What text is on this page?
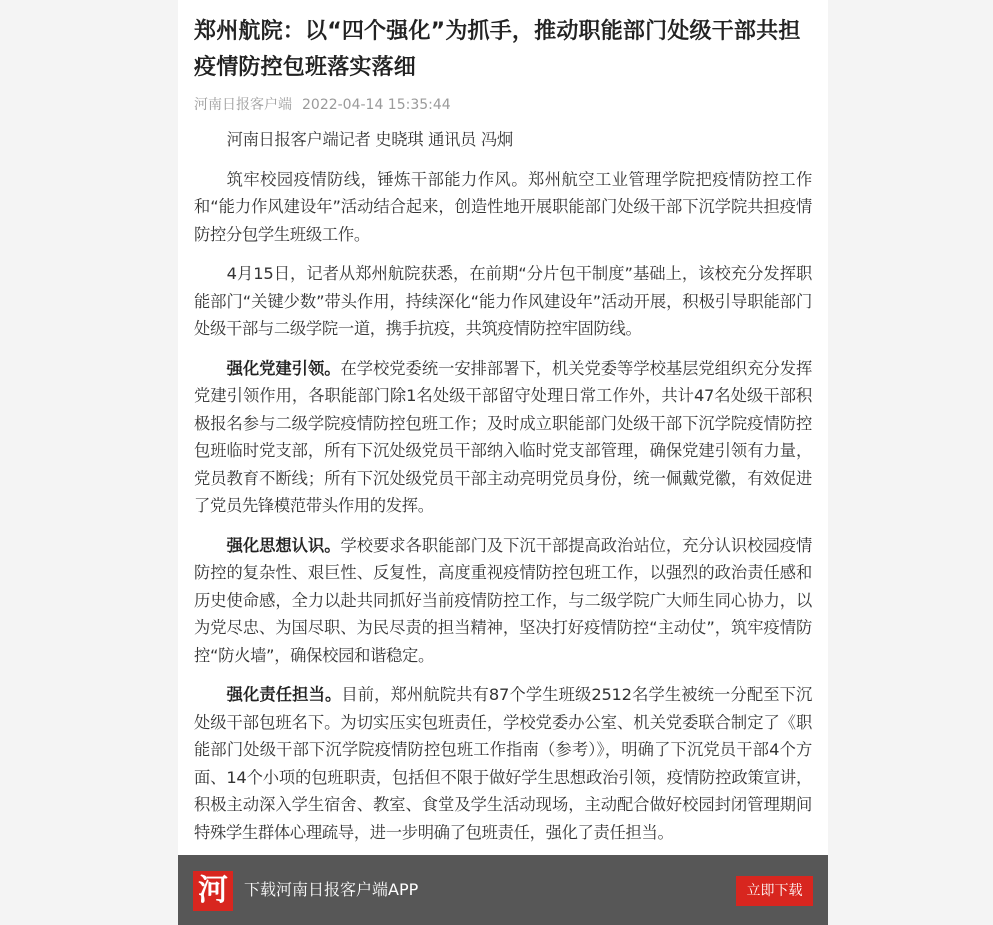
郑州航院：以“四个强化”为抓手，推动职能部门处级干部共担疫情防控包班落实落细
河南日报客户端 2022-04-14 15:35:44

河南日报客户端记者 史晓琪 通讯员 冯炯

筑牢校园疫情防线，锤炼干部能力作风。郑州航空工业管理学院把疫情防控工作和“能力作风建设年”活动结合起来，创造性地开展职能部门处级干部下沉学院共担疫情防控分包学生班级工作。

4月15日，记者从郑州航院获悉，在前期“分片包干制度”基础上，该校充分发挥职能部门“关键少数”带头作用，持续深化“能力作风建设年”活动开展，积极引导职能部门处级干部与二级学院一道，携手抗疫，共筑疫情防控牢固防线。

强化党建引领。在学校党委统一安排部署下，机关党委等学校基层党组织充分发挥党建引领作用，各职能部门除1名处级干部留守处理日常工作外，共计47名处级干部积极报名参与二级学院疫情防控包班工作；及时成立职能部门处级干部下沉学院疫情防控包班临时党支部，所有下沉处级党员干部纳入临时党支部管理，确保党建引领有力量，党员教育不断线；所有下沉处级党员干部主动亮明党员身份，统一佩戴党徽，有效促进了党员先锋模范带头作用的发挥。

强化思想认识。学校要求各职能部门及下沉干部提高政治站位，充分认识校园疫情防控的复杂性、艰巨性、反复性，高度重视疫情防控包班工作，以强烈的政治责任感和历史使命感，全力以赴共同抓好当前疫情防控工作，与二级学院广大师生同心协力，以为党尽忠、为国尽职、为民尽责的担当精神，坚决打好疫情防控“主动仗”，筑牢疫情防控“防火墙”，确保校园和谐稳定。

强化责任担当。目前，郑州航院共有87个学生班级2512名学生被统一分配至下沉处级干部包班名下。为切实压实包班责任，学校党委办公室、机关党委联合制定了《职能部门处级干部下沉学院疫情防控包班工作指南（参考）》，明确了下沉党员干部4个方面、14个小项的包班职责，包括但不限于做好学生思想政治引领，疫情防控政策宣讲，积极主动深入学生宿舍、教室、食堂及学生活动现场，主动配合做好校园封闭管理期间特殊学生群体心理疏导，进一步明确了包班责任，强化了责任担当。

河	下载河南日报客户端APP	立即下载
